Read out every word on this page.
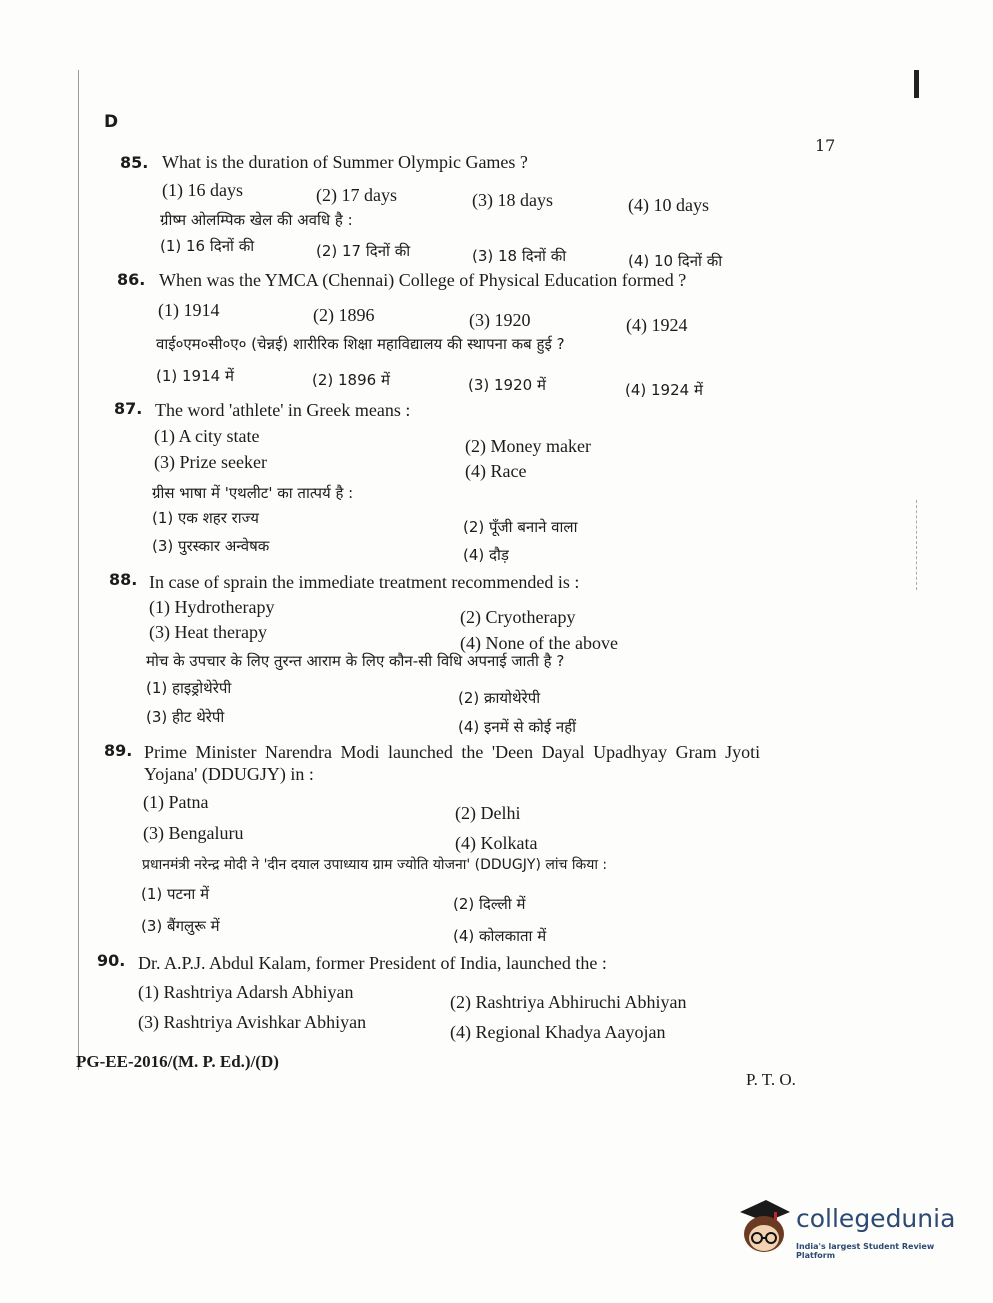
D
17
85. What is the duration of Summer Olympic Games ?
(1) 16 days	(2) 17 days	(3) 18 days	(4) 10 days
ग्रीष्म ओलम्पिक खेल की अवधि है :
(1) 16 दिनों की	(2) 17 दिनों की	(3) 18 दिनों की	(4) 10 दिनों की
86. When was the YMCA (Chennai) College of Physical Education formed ?
(1) 1914	(2) 1896	(3) 1920	(4) 1924
वाई०एम०सी०ए० (चेन्नई) शारीरिक शिक्षा महाविद्यालय की स्थापना कब हुई ?
(1) 1914 में	(2) 1896 में	(3) 1920 में	(4) 1924 में
87. The word 'athlete' in Greek means :
(1) A city state	(2) Money maker
(3) Prize seeker	(4) Race
ग्रीस भाषा में 'एथलीट' का तात्पर्य है :
(1) एक शहर राज्य	(2) पूँजी बनाने वाला
(3) पुरस्कार अन्वेषक	(4) दौड़
88. In case of sprain the immediate treatment recommended is :
(1) Hydrotherapy	(2) Cryotherapy
(3) Heat therapy
(4) None of the above
मोच के उपचार के लिए तुरन्त आराम के लिए कौन-सी विधि अपनाई जाती है ?
(1) हाइड्रोथेरेपी
(2) क्रायोथेरेपी
(3) हीट थेरेपी
(4) इनमें से कोई नहीं
89. Prime Minister Narendra Modi launched the 'Deen Dayal Upadhyay Gram Jyoti
Yojana' (DDUGJY) in :
(1) Patna
(2) Delhi
(3) Bengaluru	(4) Kolkata
प्रधानमंत्री नरेन्द्र मोदी ने 'दीन दयाल उपाध्याय ग्राम ज्योति योजना' (DDUGJY) लांच किया :
(1) पटना में
(2) दिल्ली में
(3) बैंगलुरू में
(4) कोलकाता में
90. Dr. A.P.J. Abdul Kalam, former President of India, launched the :
(1) Rashtriya Adarsh Abhiyan	(2) Rashtriya Abhiruchi Abhiyan
(3) Rashtriya Avishkar Abhiyan	(4) Regional Khadya Aayojan
PG-EE-2016/(M. P. Ed.)/(D)
P. T. O.
collegedunia
India's largest Student Review Platform
